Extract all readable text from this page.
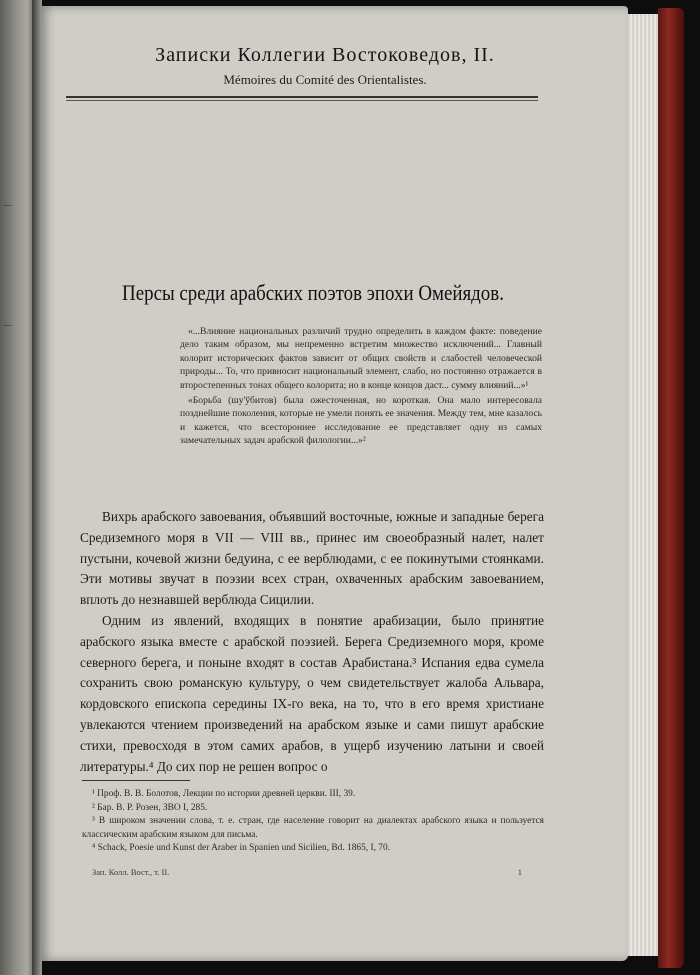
—
—
Записки Коллегии Востоковедов, II.
Mémoires du Comité des Orientalistes.
Персы среди арабских поэтов эпохи Омейядов.

«...Влияние национальных различий трудно определить в каждом факте: поведение дело таким образом, мы непременно встретим множество исключений... Главный колорит исторических фактов зависит от общих свойств и слабостей человеческой природы... То, что привносит национальный элемент, слабо, но постоянно отражается в второстепенных тонах общего колорита; но в конце концов даст... сумму влияний...»¹

«Борьба (шу'ўбитов) была ожесточенная, но короткая. Она мало интересовала позднейшие поколения, которые не умели понять ее значения. Между тем, мне казалось и кажется, что всестороннее исследование ее представляет одну из самых замечательных задач арабской филологии...»²

Вихрь арабского завоевания, объявший восточные, южные и западные берега Средиземного моря в VII — VIII вв., принес им своеобразный налет, налет пустыни, кочевой жизни бедуина, с ее верблюдами, с ее покинутыми стоянками. Эти мотивы звучат в поэзии всех стран, охваченных арабским завоеванием, вплоть до незнавшей верблюда Сицилии.

Одним из явлений, входящих в понятие арабизации, было принятие арабского языка вместе с арабской поэзией. Берега Средиземного моря, кроме северного берега, и поныне входят в состав Арабистана.³ Испания едва сумела сохранить свою романскую культуру, о чем свидетельствует жалоба Альвара, кордовского епископа середины IX-го века, на то, что в его время христиане увлекаются чтением произведений на арабском языке и сами пишут арабские стихи, превосходя в этом самих арабов, в ущерб изучению латыни и своей литературы.⁴ До сих пор не решен вопрос о

¹ Проф. В. В. Болотов, Лекции по истории древней церкви. III, 39.

² Бар. В. Р. Розен, ЗВО I, 285.

³ В широком значении слова, т. е. стран, где население говорит на диалектах арабского языка и пользуется классическим арабским языком для письма.

⁴ Schack, Poesie und Kunst der Araber in Spanien und Sicilien, Bd. 1865, I, 70.

Зап. Колл. Вост., т. II.	1
